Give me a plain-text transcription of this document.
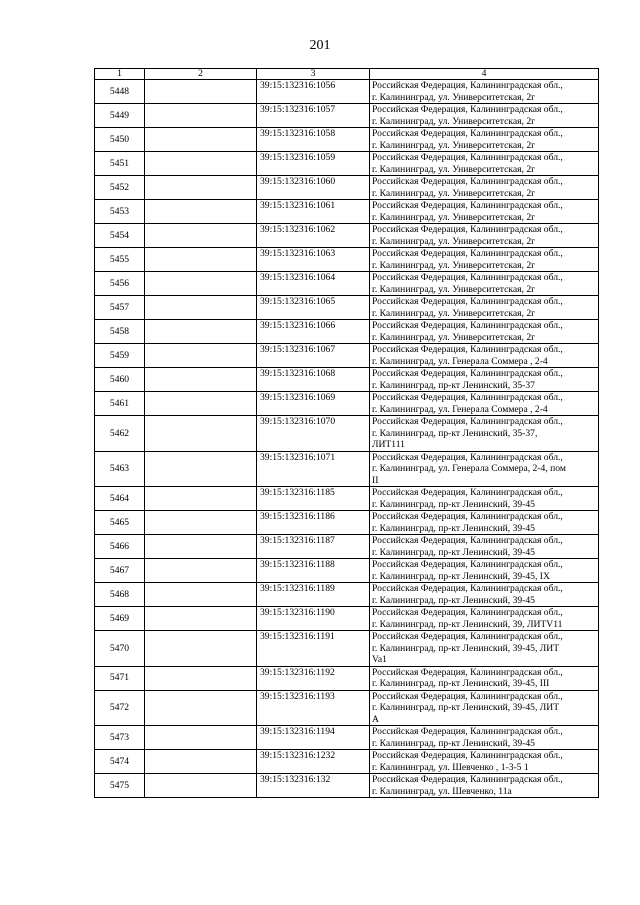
201
1	2	3	4
5448		39:15:132316:1056	Российская Федерация, Калининградская обл.,
г. Калининград, ул. Университетская, 2г

5449		39:15:132316:1057	Российская Федерация, Калининградская обл.,
г. Калининград, ул. Университетская, 2г

5450		39:15:132316:1058	Российская Федерация, Калининградская обл.,
г. Калининград, ул. Университетская, 2г

5451		39:15:132316:1059	Российская Федерация, Калининградская обл.,
г. Калининград, ул. Университетская, 2г

5452		39:15:132316:1060	Российская Федерация, Калининградская обл.,
г. Калининград, ул. Университетская, 2г

5453		39:15:132316:1061	Российская Федерация, Калининградская обл.,
г. Калининград, ул. Университетская, 2г

5454		39:15:132316:1062	Российская Федерация, Калининградская обл.,
г. Калининград, ул. Университетская, 2г

5455		39:15:132316:1063	Российская Федерация, Калининградская обл.,
г. Калининград, ул. Университетская, 2г

5456		39:15:132316:1064	Российская Федерация, Калининградская обл.,
г. Калининград, ул. Университетская, 2г

5457		39:15:132316:1065	Российская Федерация, Калининградская обл.,
г. Калининград, ул. Университетская, 2г

5458		39:15:132316:1066	Российская Федерация, Калининградская обл.,
г. Калининград, ул. Университетская, 2г

5459		39:15:132316:1067	Российская Федерация, Калининградская обл.,
г. Калининград, ул. Генерала Соммера , 2-4

5460		39:15:132316:1068	Российская Федерация, Калининградская обл.,
г. Калининград, пр-кт Ленинский, 35-37

5461		39:15:132316:1069	Российская Федерация, Калининградская обл.,
г. Калининград, ул. Генерала Соммера , 2-4

5462		39:15:132316:1070	Российская Федерация, Калининградская обл.,
г. Калининград, пр-кт Ленинский, 35-37,
ЛИТ111

5463		39:15:132316:1071	Российская Федерация, Калининградская обл.,
г. Калининград, ул. Генерала Соммера, 2-4, пом
II

5464		39:15:132316:1185	Российская Федерация, Калининградская обл.,
г. Калининград, пр-кт Ленинский, 39-45

5465		39:15:132316:1186	Российская Федерация, Калининградская обл.,
г. Калининград, пр-кт Ленинский, 39-45

5466		39:15:132316:1187	Российская Федерация, Калининградская обл.,
г. Калининград, пр-кт Ленинский, 39-45

5467		39:15:132316:1188	Российская Федерация, Калининградская обл.,
г. Калининград, пр-кт Ленинский, 39-45, IX

5468		39:15:132316:1189	Российская Федерация, Калининградская обл.,
г. Калининград, пр-кт Ленинский, 39-45

5469		39:15:132316:1190	Российская Федерация, Калининградская обл.,
г. Калининград, пр-кт Ленинский, 39, ЛИТV11

5470		39:15:132316:1191	Российская Федерация, Калининградская обл.,
г. Калининград, пр-кт Ленинский, 39-45, ЛИТ
Va1

5471		39:15:132316:1192	Российская Федерация, Калининградская обл.,
г. Калининград, пр-кт Ленинский, 39-45, III

5472		39:15:132316:1193	Российская Федерация, Калининградская обл.,
г. Калининград, пр-кт Ленинский, 39-45, ЛИТ
А

5473		39:15:132316:1194	Российская Федерация, Калининградская обл.,
г. Калининград, пр-кт Ленинский, 39-45

5474		39:15:132316:1232	Российская Федерация, Калининградская обл.,
г. Калининград, ул. Шевченко , 1-3-5 1

5475		39:15:132316:132	Российская Федерация, Калининградская обл.,
г. Калининград, ул. Шевченко, 11а
